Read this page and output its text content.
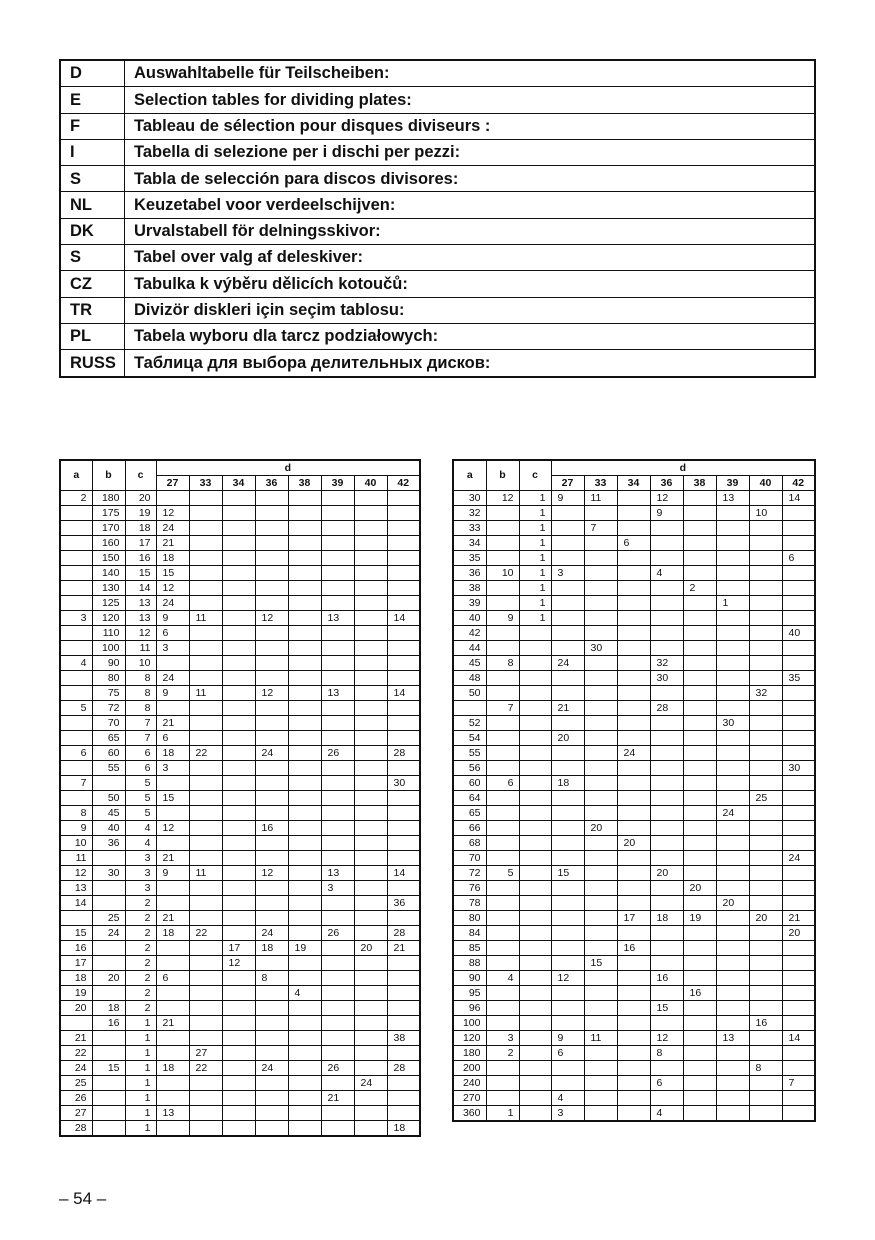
D	Auswahltabelle für Teilscheiben:
E	Selection tables for dividing plates:
F	Tableau de sélection pour disques diviseurs :
I	Tabella di selezione per i dischi per pezzi:
S	Tabla de selección para discos divisores:
NL	Keuzetabel voor verdeelschijven:
DK	Urvalstabell för delningsskivor:
S	Tabel over valg af deleskiver:
CZ	Tabulka k výběru dělicích kotoučů:
TR	Divizör diskleri için seçim tablosu:
PL	Tabela wyboru dla tarcz podziałowych:
RUSS	Таблица для выбора делительных дисков:
a	b	c	d							
			27	33	34	36	38	39	40	42
2	180	20								
	175	19	12							
	170	18	24							
	160	17	21							
	150	16	18							
	140	15	15							
	130	14	12							
	125	13	24							
3	120	13	9	11		12		13		14
	110	12	6							
	100	11	3							
4	90	10								
	80	8	24							
	75	8	9	11		12		13		14
5	72	8								
	70	7	21							
	65	7	6							
6	60	6	18	22		24		26		28
	55	6	3							
7		5								30
	50	5	15							
8	45	5								
9	40	4	12			16				
10	36	4								
11		3	21							
12	30	3	9	11		12		13		14
13		3						3		
14		2								36
	25	2	21							
15	24	2	18	22		24		26		28
16		2			17	18	19		20	21
17		2			12					
18	20	2	6			8				
19		2					4			
20	18	2								
	16	1	21							
21		1								38
22		1		27						
24	15	1	18	22		24		26		28
25		1							24	
26		1						21		
27		1	13							
28		1								18
a	b	c	d							
			27	33	34	36	38	39	40	42
30	12	1	9	11		12		13		14
32		1				9			10	
33		1		7						
34		1			6					
35		1								6
36	10	1	3			4				
38		1					2			
39		1						1		
40	9	1								
42										40
44				30						
45	8		24			32				
48						30				35
50									32	
	7		21			28				
52								30		
54			20							
55					24					
56										30
60	6		18							
64									25	
65								24		
66				20						
68					20					
70										24
72	5		15			20				
76							20			
78								20		
80					17	18	19		20	21
84										20
85					16					
88				15						
90	4		12			16				
95							16			
96						15				
100									16	
120	3		9	11		12		13		14
180	2		6			8				
200									8	
240						6				7
270			4							
360	1		3			4				
– 54 –
